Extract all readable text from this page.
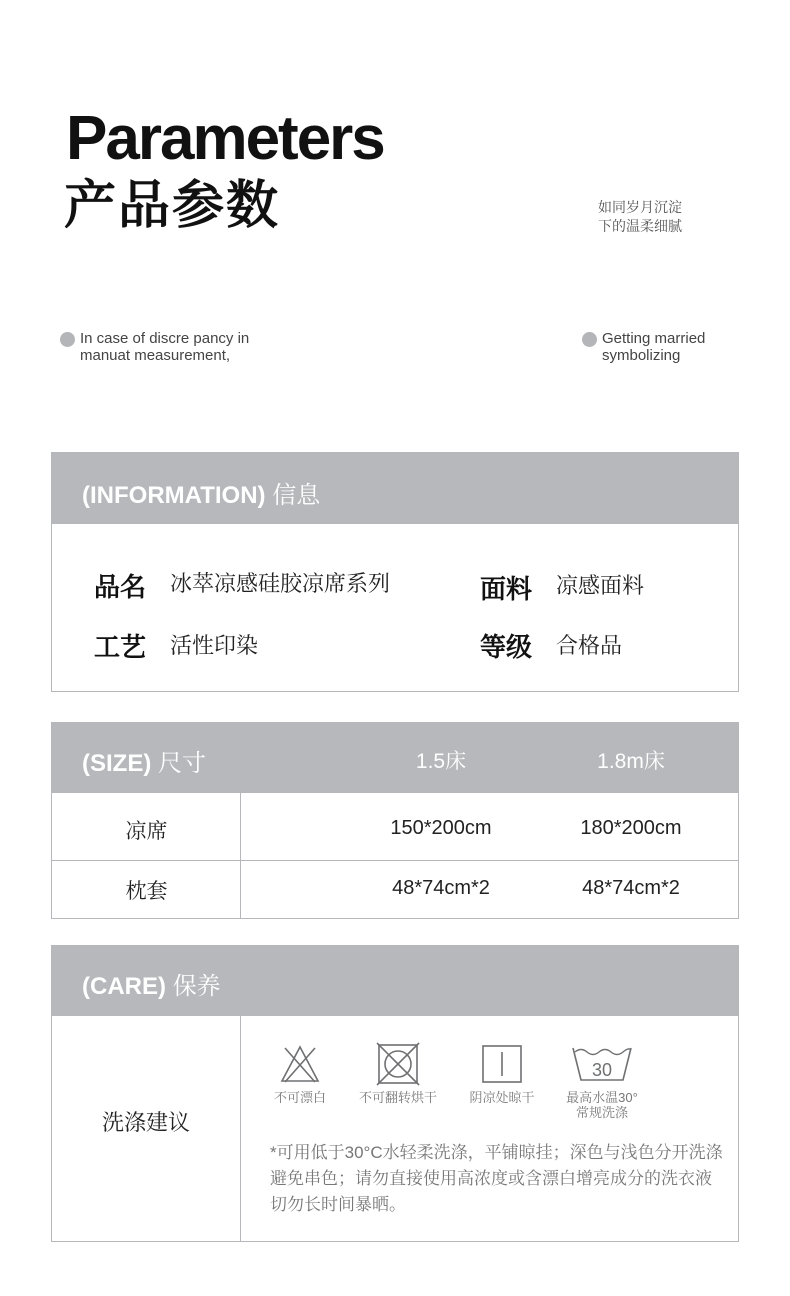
Parameters
产品参数	如同岁月沉淀
下的温柔细腻
In case of discre pancy in
manuat measurement,
Getting married
symbolizing
(INFORMATION) 信息
品名 冰萃凉感硅胶凉席系列	面料 凉感面料
工艺 活性印染	等级 合格品
(SIZE) 尺寸	1.5床	1.8m床
凉席	150*200cm	180*200cm
枕套	48*74cm*2	48*74cm*2
(CARE) 保养
洗涤建议
不可漂白	不可翻转烘干	阴凉处晾干
30
最高水温30°
常规洗涤
*可用低于30°C水轻柔洗涤，平铺晾挂；深色与浅色分开洗涤
避免串色；请勿直接使用高浓度或含漂白增亮成分的洗衣液
切勿长时间暴晒。
